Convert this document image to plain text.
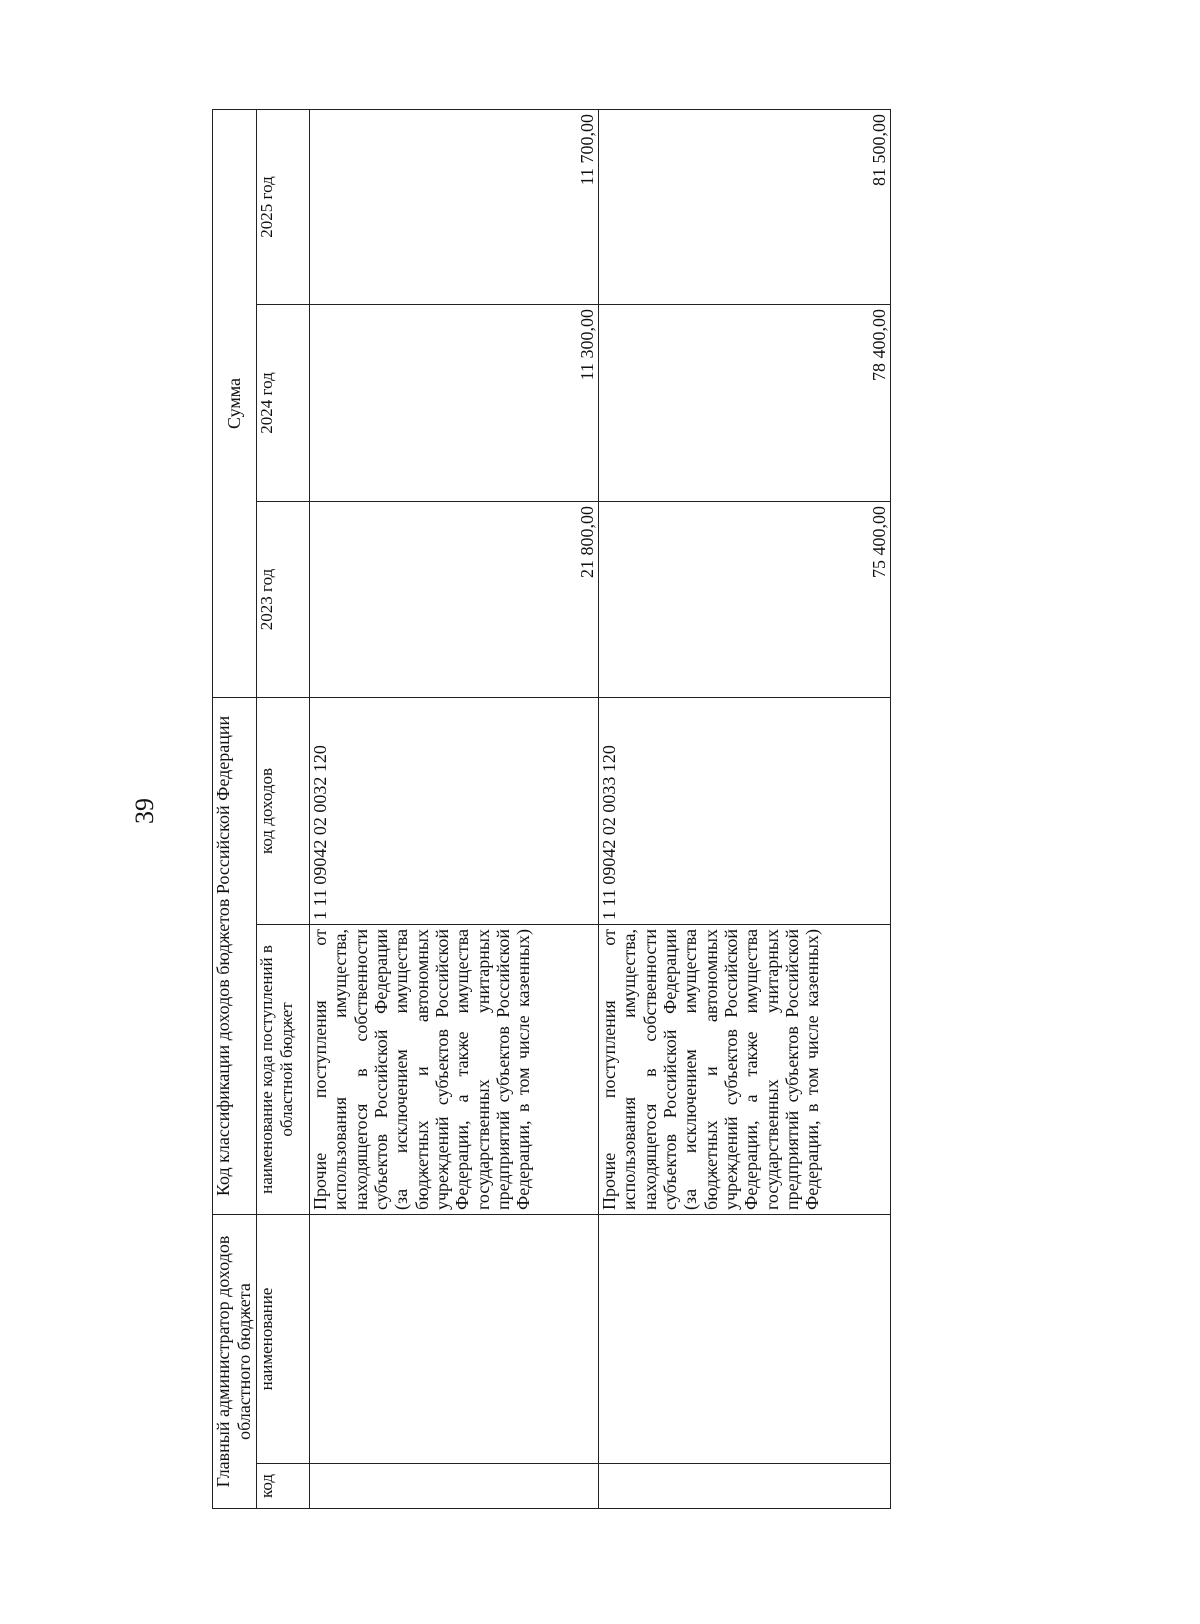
39
Главный администратор доходов областного бюджета		Код классификации доходов бюджетов Российской Федерации		Сумма		
код	наименование	наименование кода поступлений в областной бюджет	код доходов	2023 год	2024 год	2025 год
		Прочие поступления от использования имущества, находящегося в собственности субъектов Российской Федерации (за исключением имущества бюджетных и автономных учреждений субъектов Российской Федерации, а также имущества государственных унитарных предприятий субъектов Российской Федерации, в том числе казенных)	1 11 09042 02 0032 120	21 800,00	11 300,00	11 700,00
		Прочие поступления от использования имущества, находящегося в собственности субъектов Российской Федерации (за исключением имущества бюджетных и автономных учреждений субъектов Российской Федерации, а также имущества государственных унитарных предприятий субъектов Российской Федерации, в том числе казенных)	1 11 09042 02 0033 120	75 400,00	78 400,00	81 500,00
